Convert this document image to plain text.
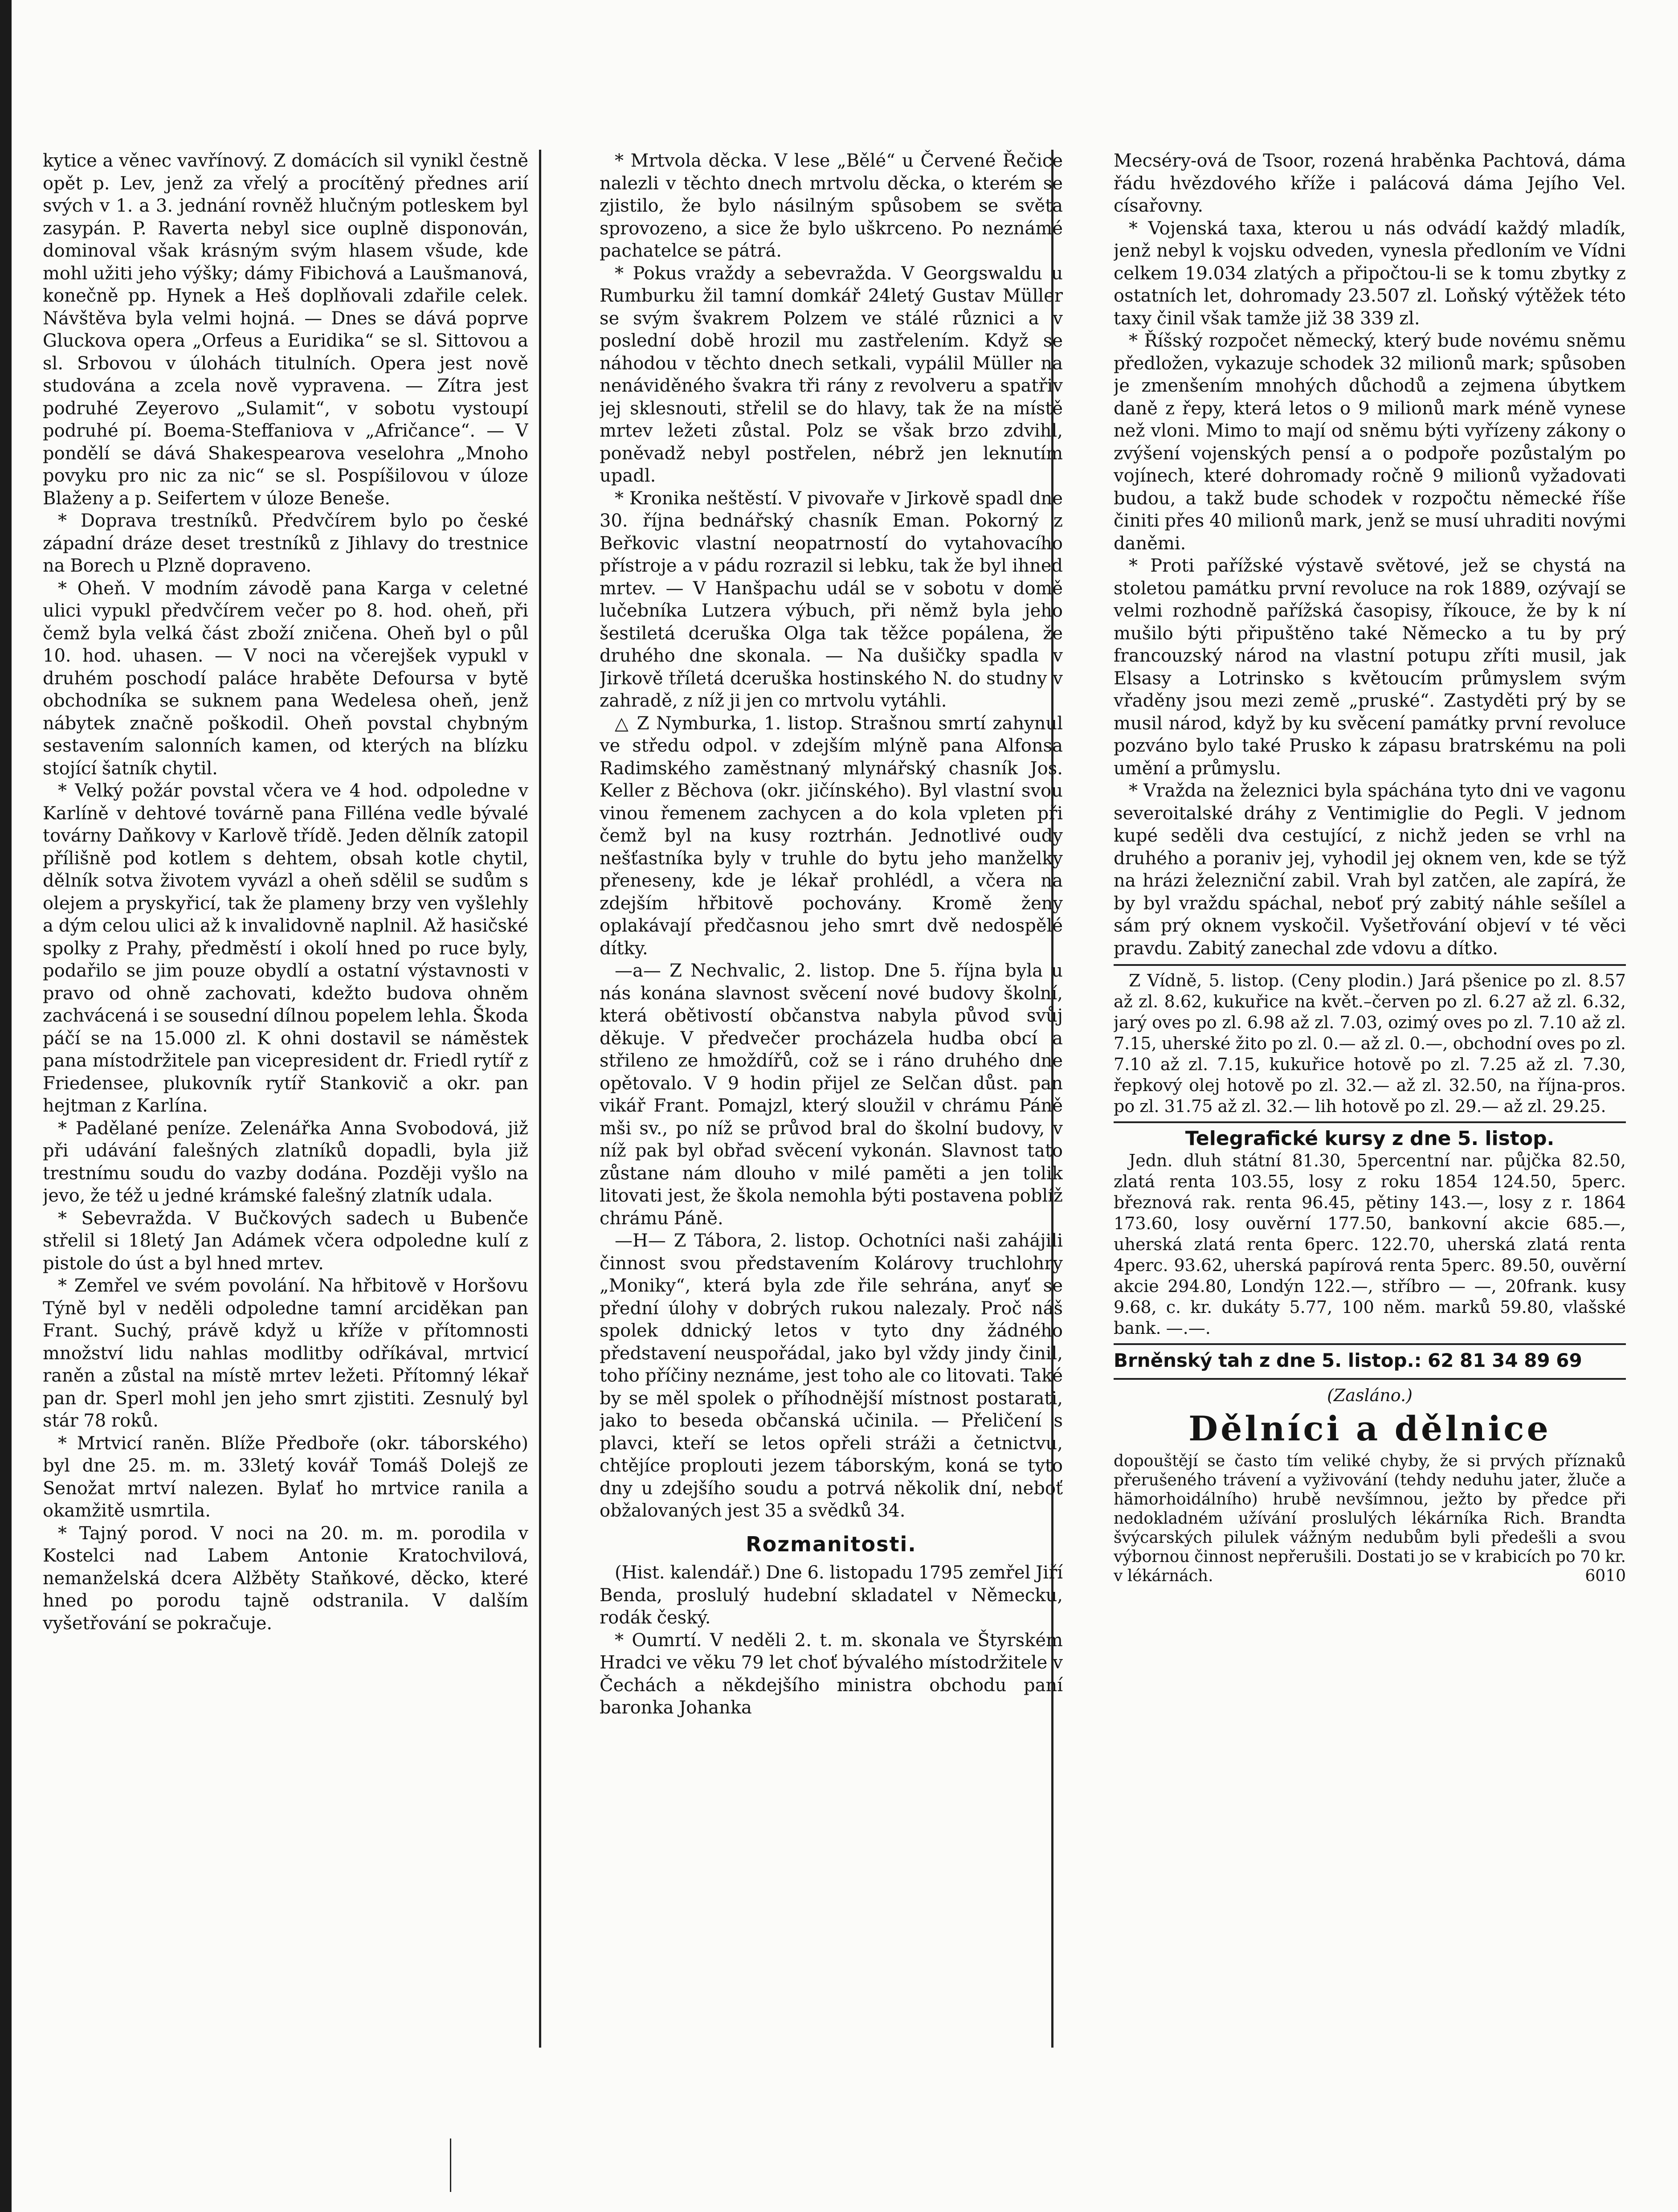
kytice a věnec vavřínový. Z domácích sil vynikl čestně opět p. Lev, jenž za vřelý a procítěný přednes arií svých v 1. a 3. jednání rovněž hlučným potleskem byl zasypán. P. Raverta nebyl sice ouplně disponován, dominoval však krásným svým hlasem všude, kde mohl užiti jeho výšky; dámy Fibichová a Laušmanová, konečně pp. Hynek a Heš doplňovali zdařile celek. Návštěva byla velmi hojná. — Dnes se dává poprve Gluckova opera „Orfeus a Euridika“ se sl. Sittovou a sl. Srbovou v úlohách titulních. Opera jest nově studována a zcela nově vypravena. — Zítra jest podruhé Zeyerovo „Sulamit“, v sobotu vystoupí podruhé pí. Boema-Steffaniova v „Afričance“. — V pondělí se dává Shakespearova veselohra „Mnoho povyku pro nic za nic“ se sl. Pospíšilovou v úloze Blaženy a p. Seifertem v úloze Beneše.

* Doprava trestníků. Předvčírem bylo po české západní dráze deset trestníků z Jihlavy do trestnice na Borech u Plzně dopraveno.

* Oheň. V modním závodě pana Karga v celetné ulici vypukl předvčírem večer po 8. hod. oheň, při čemž byla velká část zboží zničena. Oheň byl o půl 10. hod. uhasen. — V noci na včerejšek vypukl v druhém poschodí paláce hraběte Defoursa v bytě obchodníka se suknem pana Wedelesa oheň, jenž nábytek značně poškodil. Oheň povstal chybným sestavením salonních kamen, od kterých na blízku stojící šatník chytil.

* Velký požár povstal včera ve 4 hod. odpoledne v Karlíně v dehtové továrně pana Filléna vedle bývalé továrny Daňkovy v Karlově třídě. Jeden dělník zatopil přílišně pod kotlem s dehtem, obsah kotle chytil, dělník sotva životem vyvázl a oheň sdělil se sudům s olejem a pryskyřicí, tak že plameny brzy ven vyšlehly a dým celou ulici až k invalidovně naplnil. Až hasičské spolky z Prahy, předměstí i okolí hned po ruce byly, podařilo se jim pouze obydlí a ostatní výstavnosti v pravo od ohně zachovati, kdežto budova ohněm zachvácená i se sousední dílnou popelem lehla. Škoda páčí se na 15.000 zl. K ohni dostavil se náměstek pana místodržitele pan vicepresident dr. Friedl rytíř z Friedensee, plukovník rytíř Stankovič a okr. pan hejtman z Karlína.

* Padělané peníze. Zelenářka Anna Svobodová, již při udávání falešných zlatníků dopadli, byla již trestnímu soudu do vazby dodána. Později vyšlo na jevo, že též u jedné krámské falešný zlatník udala.

* Sebevražda. V Bučkových sadech u Bubenče střelil si 18letý Jan Adámek včera odpoledne kulí z pistole do úst a byl hned mrtev.

* Zemřel ve svém povolání. Na hřbitově v Horšovu Týně byl v neděli odpoledne tamní arciděkan pan Frant. Suchý, právě když u kříže v přítomnosti množství lidu nahlas modlitby odříkával, mrtvicí raněn a zůstal na místě mrtev ležeti. Přítomný lékař pan dr. Sperl mohl jen jeho smrt zjistiti. Zesnulý byl stár 78 roků.

* Mrtvicí raněn. Blíže Předboře (okr. táborského) byl dne 25. m. m. 33letý kovář Tomáš Dolejš ze Senožat mrtví nalezen. Bylať ho mrtvice ranila a okamžitě usmrtila.

* Tajný porod. V noci na 20. m. m. porodila v Kostelci nad Labem Antonie Kratochvilová, nemanželská dcera Alžběty Staňkové, děcko, které hned po porodu tajně odstranila. V dalším vyšetřování se pokračuje.

* Mrtvola děcka. V lese „Bělé“ u Červené Řečice nalezli v těchto dnech mrtvolu děcka, o kterém se zjistilo, že bylo násilným spůsobem se světa sprovozeno, a sice že bylo uškrceno. Po neznámé pachatelce se pátrá.

* Pokus vraždy a sebevražda. V Georgswaldu u Rumburku žil tamní domkář 24letý Gustav Müller se svým švakrem Polzem ve stálé různici a v poslední době hrozil mu zastřelením. Když se náhodou v těchto dnech setkali, vypálil Müller na nenáviděného švakra tři rány z revolveru a spatřiv jej sklesnouti, střelil se do hlavy, tak že na místě mrtev ležeti zůstal. Polz se však brzo zdvihl, poněvadž nebyl postřelen, nébrž jen leknutím upadl.

* Kronika neštěstí. V pivovaře v Jirkově spadl dne 30. října bednářský chasník Eman. Pokorný z Beřkovic vlastní neopatrností do vytahovacího přístroje a v pádu rozrazil si lebku, tak že byl ihned mrtev. — V Hanšpachu udál se v sobotu v domě lučebníka Lutzera výbuch, při němž byla jeho šestiletá dceruška Olga tak těžce popálena, že druhého dne skonala. — Na dušičky spadla v Jirkově tříletá dceruška hostinského N. do studny v zahradě, z níž ji jen co mrtvolu vytáhli.

△ Z Nymburka, 1. listop. Strašnou smrtí zahynul ve středu odpol. v zdejším mlýně pana Alfonsa Radimského zaměstnaný mlynářský chasník Jos. Keller z Běchova (okr. jičínského). Byl vlastní svou vinou řemenem zachycen a do kola vpleten při čemž byl na kusy roztrhán. Jednotlivé oudy nešťastníka byly v truhle do bytu jeho manželky přeneseny, kde je lékař prohlédl, a včera na zdejším hřbitově pochovány. Kromě ženy oplakávají předčasnou jeho smrt dvě nedospělé dítky.

—a— Z Nechvalic, 2. listop. Dne 5. října byla u nás konána slavnost svěcení nové budovy školní, která obětivostí občanstva nabyla původ svůj děkuje. V předvečer procházela hudba obcí a střileno ze hmoždířů, což se i ráno druhého dne opětovalo. V 9 hodin přijel ze Selčan důst. pan vikář Frant. Pomajzl, který sloužil v chrámu Páně mši sv., po níž se průvod bral do školní budovy, v níž pak byl obřad svěcení vykonán. Slavnost tato zůstane nám dlouho v milé paměti a jen tolik litovati jest, že škola nemohla býti postavena poblíž chrámu Páně.

—H— Z Tábora, 2. listop. Ochotníci naši zahájili činnost svou představením Kolárovy truchlohry „Moniky“, která byla zde řile sehrána, anyť se přední úlohy v dobrých rukou nalezaly. Proč náš spolek ddnický letos v tyto dny žádného představení neuspořádal, jako byl vždy jindy činil, toho příčiny neznáme, jest toho ale co litovati. Také by se měl spolek o příhodnější místnost postarati, jako to beseda občanská učinila. — Přeličení s plavci, kteří se letos opřeli stráži a četnictvu, chtějíce proplouti jezem táborským, koná se tyto dny u zdejšího soudu a potrvá několik dní, neboť obžalovaných jest 35 a svědků 34.

Rozmanitosti.

(Hist. kalendář.) Dne 6. listopadu 1795 zemřel Jiří Benda, proslulý hudební skladatel v Německu, rodák český.

* Oumrtí. V neděli 2. t. m. skonala ve Štyrském Hradci ve věku 79 let choť bývalého místodržitele v Čechách a někdejšího ministra obchodu paní baronka Johanka

Mecséry-ová de Tsoor, rozená hraběnka Pachtová, dáma řádu hvězdového kříže i palácová dáma Jejího Vel. císařovny.

* Vojenská taxa, kterou u nás odvádí každý mladík, jenž nebyl k vojsku odveden, vynesla předloním ve Vídni celkem 19.034 zlatých a připočtou-li se k tomu zbytky z ostatních let, dohromady 23.507 zl. Loňský výtěžek této taxy činil však tamže již 38 339 zl.

* Říšský rozpočet německý, který bude novému sněmu předložen, vykazuje schodek 32 milionů mark; spůsoben je zmenšením mnohých důchodů a zejmena úbytkem daně z řepy, která letos o 9 milionů mark méně vynese než vloni. Mimo to mají od sněmu býti vyřízeny zákony o zvýšení vojenských pensí a o podpoře pozůstalým po vojínech, které dohromady ročně 9 milionů vyžadovati budou, a takž bude schodek v rozpočtu německé říše činiti přes 40 milionů mark, jenž se musí uhraditi novými daněmi.

* Proti pařížské výstavě světové, jež se chystá na stoletou památku první revoluce na rok 1889, ozývají se velmi rozhodně pařížská časopisy, říkouce, že by k ní mušilo býti připuštěno také Německo a tu by prý francouzský národ na vlastní potupu zříti musil, jak Elsasy a Lotrinsko s květoucím průmyslem svým vřaděny jsou mezi země „pruské“. Zastyděti prý by se musil národ, když by ku svěcení památky první revoluce pozváno bylo také Prusko k zápasu bratrskému na poli umění a průmyslu.

* Vražda na železnici byla spáchána tyto dni ve vagonu severoitalské dráhy z Ventimiglie do Pegli. V jednom kupé seděli dva cestující, z nichž jeden se vrhl na druhého a poraniv jej, vyhodil jej oknem ven, kde se týž na hrázi železniční zabil. Vrah byl zatčen, ale zapírá, že by byl vraždu spáchal, neboť prý zabitý náhle sešílel a sám prý oknem vyskočil. Vyšetřování objeví v té věci pravdu. Zabitý zanechal zde vdovu a dítko.

Z Vídně, 5. listop. (Ceny plodin.) Jará pšenice po zl. 8.57 až zl. 8.62, kukuřice na květ.–červen po zl. 6.27 až zl. 6.32, jarý oves po zl. 6.98 až zl. 7.03, ozimý oves po zl. 7.10 až zl. 7.15, uherské žito po zl. 0.— až zl. 0.—, obchodní oves po zl. 7.10 až zl. 7.15, kukuřice hotově po zl. 7.25 až zl. 7.30, řepkový olej hotově po zl. 32.— až zl. 32.50, na října-pros. po zl. 31.75 až zl. 32.— lih hotově po zl. 29.— až zl. 29.25.

Telegrafické kursy z dne 5. listop.

Jedn. dluh státní 81.30, 5percentní nar. půjčka 82.50, zlatá renta 103.55, losy z roku 1854 124.50, 5perc. březnová rak. renta 96.45, pětiny 143.—, losy z r. 1864 173.60, losy ouvěrní 177.50, bankovní akcie 685.—, uherská zlatá renta 6perc. 122.70, uherská zlatá renta 4perc. 93.62, uherská papírová renta 5perc. 89.50, ouvěrní akcie 294.80, Londýn 122.—, stříbro — —, 20frank. kusy 9.68, c. kr. dukáty 5.77, 100 něm. marků 59.80, vlašské bank. —.—.

Brněnský tah z dne 5. listop.: 62 81 34 89 69
(Zasláno.)
Dělníci a dělnice
dopouštějí se často tím veliké chyby, že si prvých příznaků přerušeného trávení a vyživování (tehdy neduhu jater, žluče a hämorhoidálního) hrubě nevšímnou, ježto by předce při nedokladném užívání proslulých lékárníka Rich. Brandta švýcarských pilulek vážným nedubům byli předešli a svou výbornou činnost nepřerušili. Dostati jo se v krabicích po 70 kr. v lékárnách.	6010
